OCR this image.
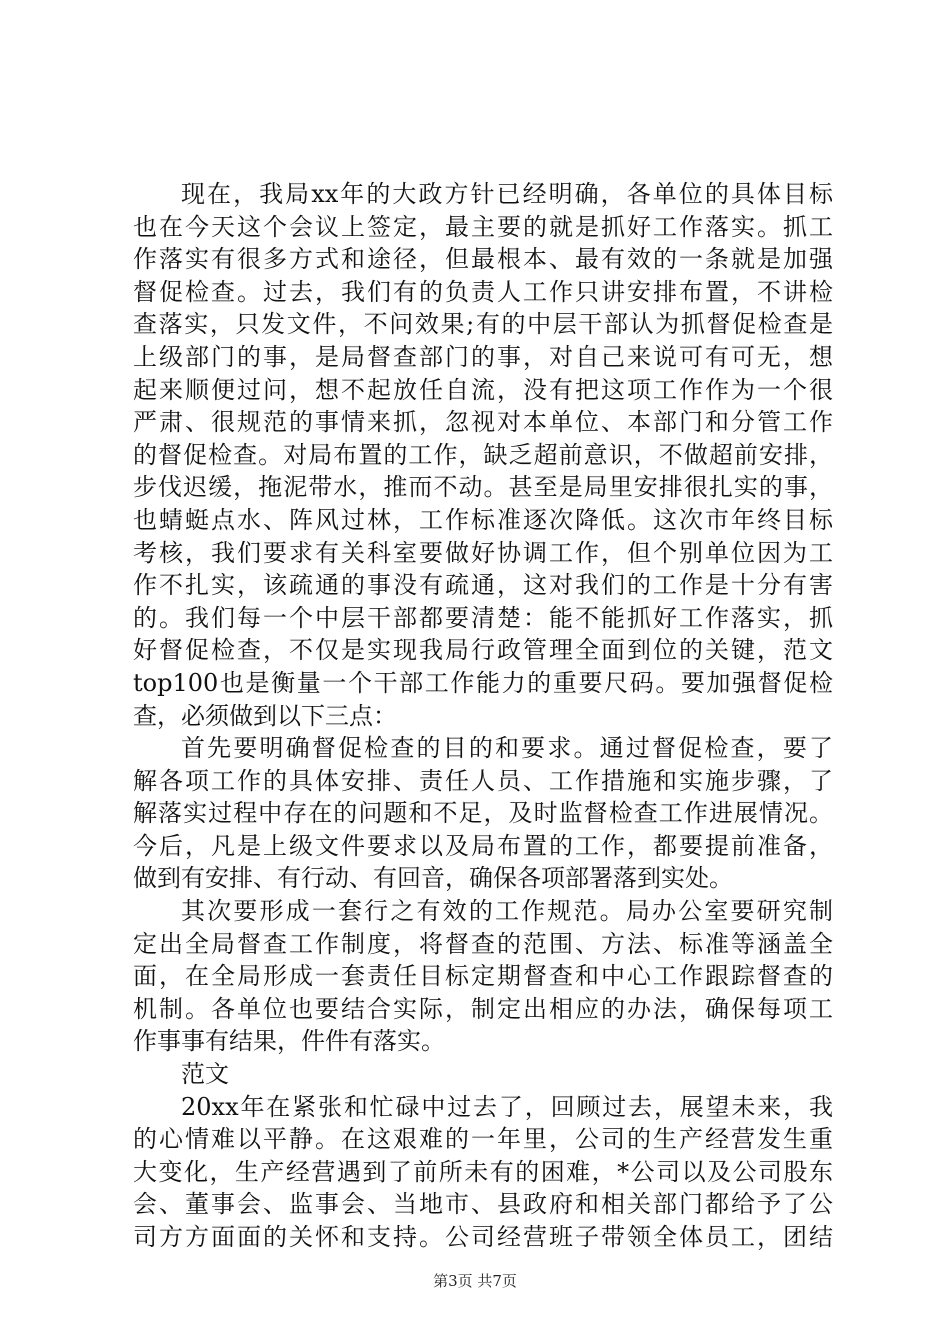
现在，我局xx年的大政方针已经明确，各单位的具体目标
也在今天这个会议上签定，最主要的就是抓好工作落实。抓工
作落实有很多方式和途径，但最根本、最有效的一条就是加强
督促检查。过去，我们有的负责人工作只讲安排布置，不讲检
查落实，只发文件，不问效果;有的中层干部认为抓督促检查是
上级部门的事，是局督查部门的事，对自己来说可有可无，想
起来顺便过问，想不起放任自流，没有把这项工作作为一个很
严肃、很规范的事情来抓，忽视对本单位、本部门和分管工作
的督促检查。对局布置的工作，缺乏超前意识，不做超前安排，
步伐迟缓，拖泥带水，推而不动。甚至是局里安排很扎实的事，
也蜻蜓点水、阵风过林，工作标准逐次降低。这次市年终目标
考核，我们要求有关科室要做好协调工作，但个别单位因为工
作不扎实，该疏通的事没有疏通，这对我们的工作是十分有害
的。我们每一个中层干部都要清楚：能不能抓好工作落实，抓
好督促检查，不仅是实现我局行政管理全面到位的关键，范文
top100也是衡量一个干部工作能力的重要尺码。要加强督促检
查，必须做到以下三点：
首先要明确督促检查的目的和要求。通过督促检查，要了
解各项工作的具体安排、责任人员、工作措施和实施步骤，了
解落实过程中存在的问题和不足，及时监督检查工作进展情况。
今后，凡是上级文件要求以及局布置的工作，都要提前准备，
做到有安排、有行动、有回音，确保各项部署落到实处。
其次要形成一套行之有效的工作规范。局办公室要研究制
定出全局督查工作制度，将督查的范围、方法、标准等涵盖全
面，在全局形成一套责任目标定期督查和中心工作跟踪督查的
机制。各单位也要结合实际，制定出相应的办法，确保每项工
作事事有结果，件件有落实。
范文
20xx年在紧张和忙碌中过去了，回顾过去，展望未来，我
的心情难以平静。在这艰难的一年里，公司的生产经营发生重
大变化，生产经营遇到了前所未有的困难，*公司以及公司股东
会、董事会、监事会、当地市、县政府和相关部门都给予了公
司方方面面的关怀和支持。公司经营班子带领全体员工，团结
第3页 共7页
